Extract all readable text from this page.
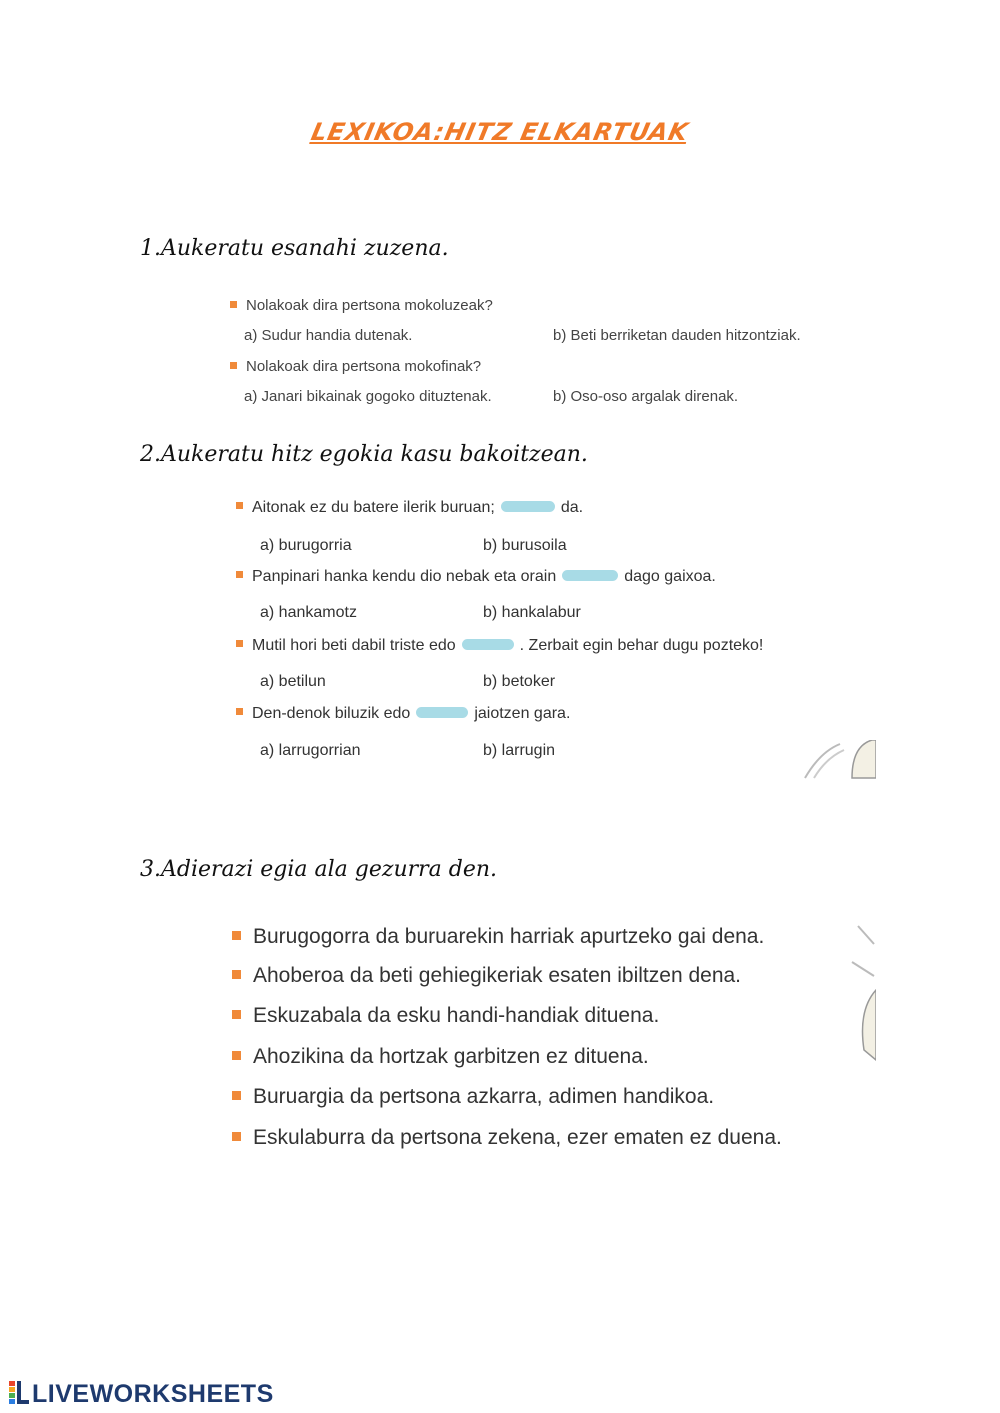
LEXIKOA:HITZ ELKARTUAK
1.Aukeratu esanahi zuzena.
Nolakoak dira pertsona mokoluzeak?
a) Sudur handia dutenak.	b) Beti berriketan dauden hitzontziak.
Nolakoak dira pertsona mokofinak?
a) Janari bikainak gogoko dituztenak.	b) Oso-oso argalak direnak.
2.Aukeratu hitz egokia kasu bakoitzean.
Aitonak ez du batere ilerik buruan;	da.
a) burugorria	b) burusoila
Panpinari hanka kendu dio nebak eta orain	dago gaixoa.
a) hankamotz	b) hankalabur
Mutil hori beti dabil triste edo	. Zerbait egin behar dugu pozteko!
a) betilun	b) betoker
Den-denok biluzik edo	jaiotzen gara.
a) larrugorrian	b) larrugin
3.Adierazi egia ala gezurra den.
Burugogorra da buruarekin harriak apurtzeko gai dena.
Ahoberoa da beti gehiegikeriak esaten ibiltzen dena.
Eskuzabala da esku handi-handiak dituena.
Ahozikina da hortzak garbitzen ez dituena.
Buruargia da pertsona azkarra, adimen handikoa.
Eskulaburra da pertsona zekena, ezer ematen ez duena.
LIVEWORKSHEETS
